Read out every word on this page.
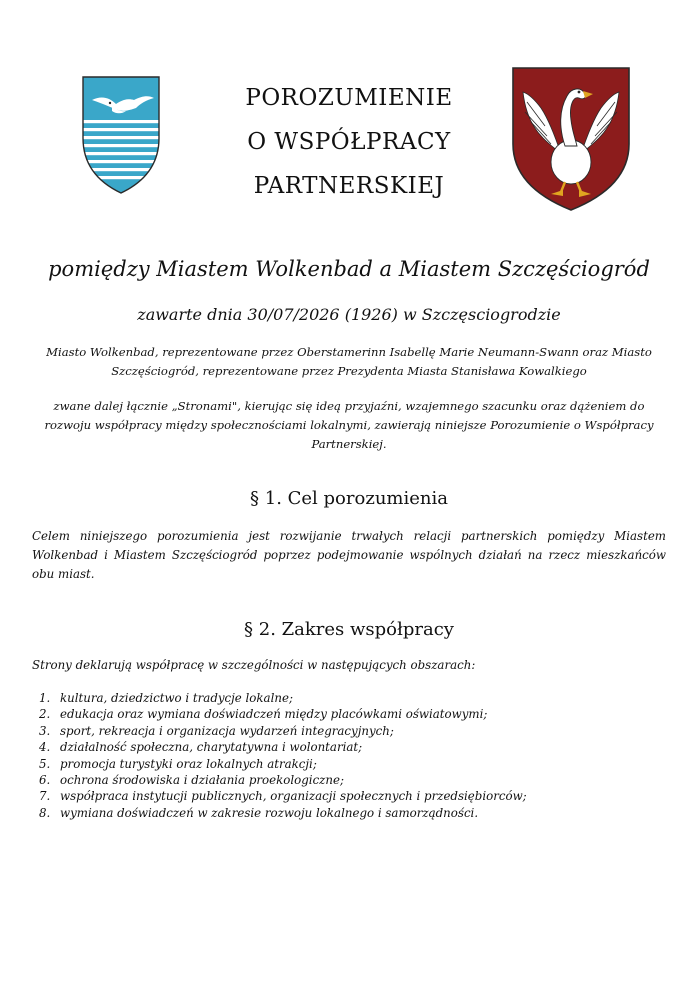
POROZUMIENIE
O WSPÓŁPRACY
PARTNERSKIEJ
pomiędzy Miastem Wolkenbad a Miastem Szczęściogród
zawarte dnia 30/07/2026 (1926) w Szczęsciogrodzie

Miasto Wolkenbad, reprezentowane przez Oberstamerinn Isabellę Marie Neumann-Swann oraz Miasto Szczęściogród, reprezentowane przez Prezydenta Miasta Stanisława Kowalkiego

zwane dalej łącznie „Stronami", kierując się ideą przyjaźni, wzajemnego szacunku oraz dążeniem do rozwoju współpracy między społecznościami lokalnymi, zawierają niniejsze Porozumienie o Współpracy Partnerskiej.

§ 1. Cel porozumienia

Celem niniejszego porozumienia jest rozwijanie trwałych relacji partnerskich pomiędzy Miastem Wolkenbad i Miastem Szczęściogród poprzez podejmowanie wspólnych działań na rzecz mieszkańców obu miast.

§ 2. Zakres współpracy

Strony deklarują współpracę w szczególności w następujących obszarach:

1. kultura, dziedzictwo i tradycje lokalne;
2. edukacja oraz wymiana doświadczeń między placówkami oświatowymi;
3. sport, rekreacja i organizacja wydarzeń integracyjnych;
4. działalność społeczna, charytatywna i wolontariat;
5. promocja turystyki oraz lokalnych atrakcji;
6. ochrona środowiska i działania proekologiczne;
7. współpraca instytucji publicznych, organizacji społecznych i przedsiębiorców;
8. wymiana doświadczeń w zakresie rozwoju lokalnego i samorządności.
